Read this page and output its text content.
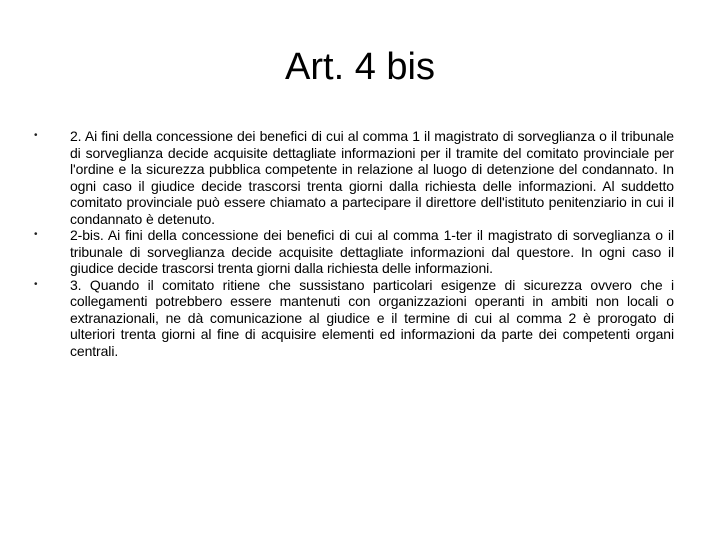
Art. 4 bis
•	2. Ai fini della concessione dei benefici di cui al comma 1 il magistrato di sorveglianza o il tribunale di sorveglianza decide acquisite dettagliate informazioni per il tramite del comitato provinciale per l'ordine e la sicurezza pubblica competente in relazione al luogo di detenzione del condannato. In ogni caso il giudice decide trascorsi trenta giorni dalla richiesta delle informazioni. Al suddetto comitato provinciale può essere chiamato a partecipare il direttore dell'istituto penitenziario in cui il condannato è detenuto.
•	2-bis. Ai fini della concessione dei benefici di cui al comma 1-ter il magistrato di sorveglianza o il tribunale di sorveglianza decide acquisite dettagliate informazioni dal questore. In ogni caso il giudice decide trascorsi trenta giorni dalla richiesta delle informazioni.
•	3. Quando il comitato ritiene che sussistano particolari esigenze di sicurezza ovvero che i collegamenti potrebbero essere mantenuti con organizzazioni operanti in ambiti non locali o extranazionali, ne dà comunicazione al giudice e il termine di cui al comma 2 è prorogato di ulteriori trenta giorni al fine di acquisire elementi ed informazioni da parte dei competenti organi centrali.
